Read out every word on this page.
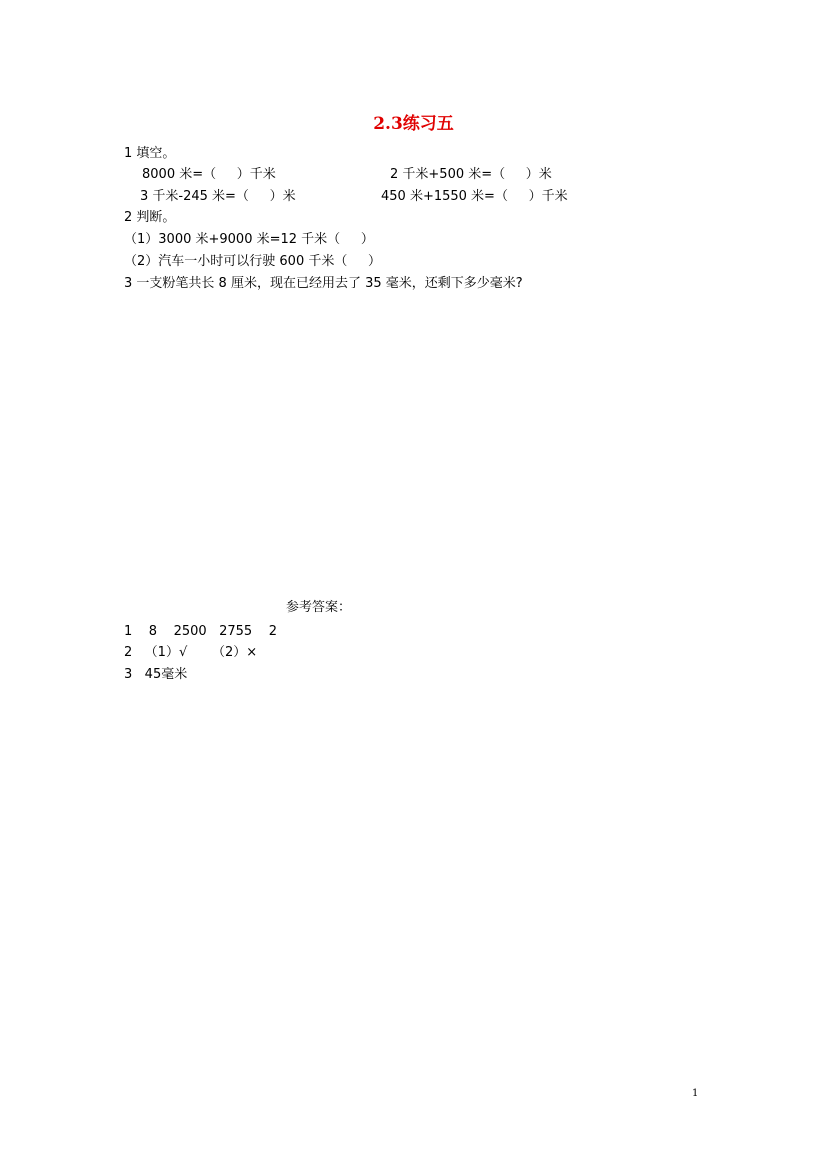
2.3练习五
1 填空。
8000 米=（     ）千米	2 千米+500 米=（     ）米
3 千米-245 米=（     ）米	450 米+1550 米=（     ）千米
2 判断。
（1）3000 米+9000 米=12 千米（     ）
（2）汽车一小时可以行驶 600 千米（     ）
3 一支粉笔共长 8 厘米，现在已经用去了 35 毫米，还剩下多少毫米?
参考答案：
1    8    2500   2755    2
2   （1）√      （2）×
3   45毫米
1
